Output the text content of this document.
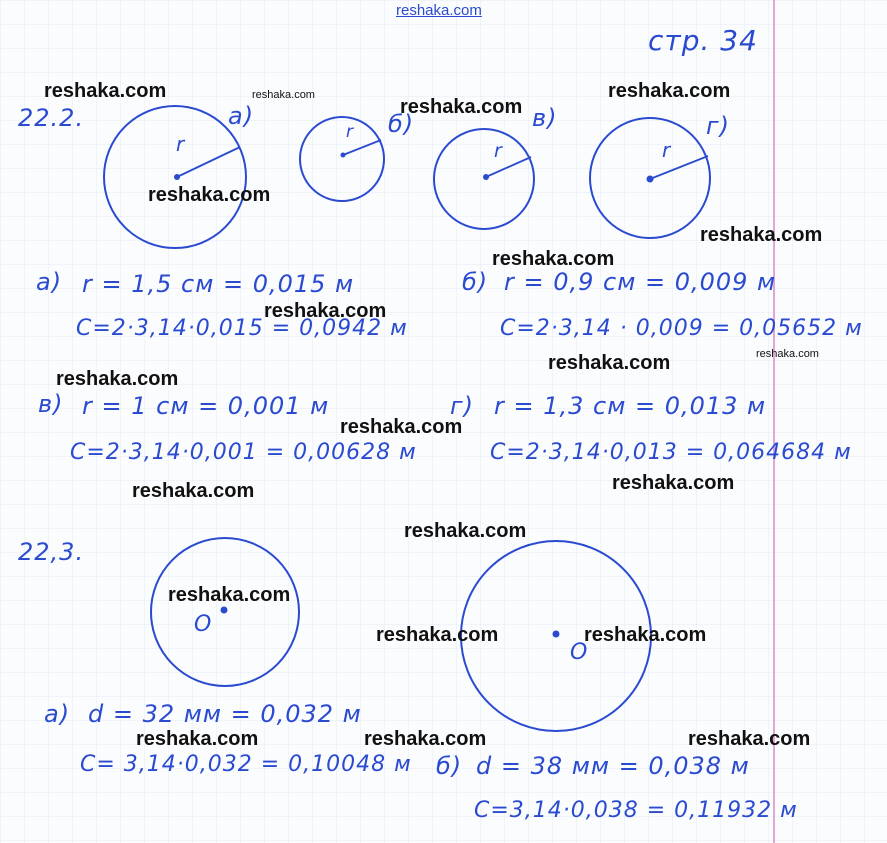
reshaka.com
стр. 34
22.2.
r
а)
r б)
r
в)
r
г)
а) r = 1,5 см = 0,015 м
C=2·3,14·0,015 = 0,0942 м
б) r = 0,9 см = 0,009 м
C=2·3,14 · 0,009 = 0,05652 м
в) r = 1 см = 0,001 м
C=2·3,14·0,001 = 0,00628 м
г) r = 1,3 см = 0,013 м
C=2·3,14·0,013 = 0,064684 м
22,3.
O
O
а) d = 32 мм = 0,032 м
C= 3,14·0,032 = 0,10048 м б) d = 38 мм = 0,038 м
C=3,14·0,038 = 0,11932 м
reshaka.com	reshaka.com
reshaka.com
reshaka.com
reshaka.com
reshaka.com
reshaka.com
reshaka.com
reshaka.com
reshaka.com
reshaka.com
reshaka.com
reshaka.com
reshaka.com
reshaka.com
reshaka.com
reshaka.com	reshaka.com
reshaka.com	reshaka.com	reshaka.com
